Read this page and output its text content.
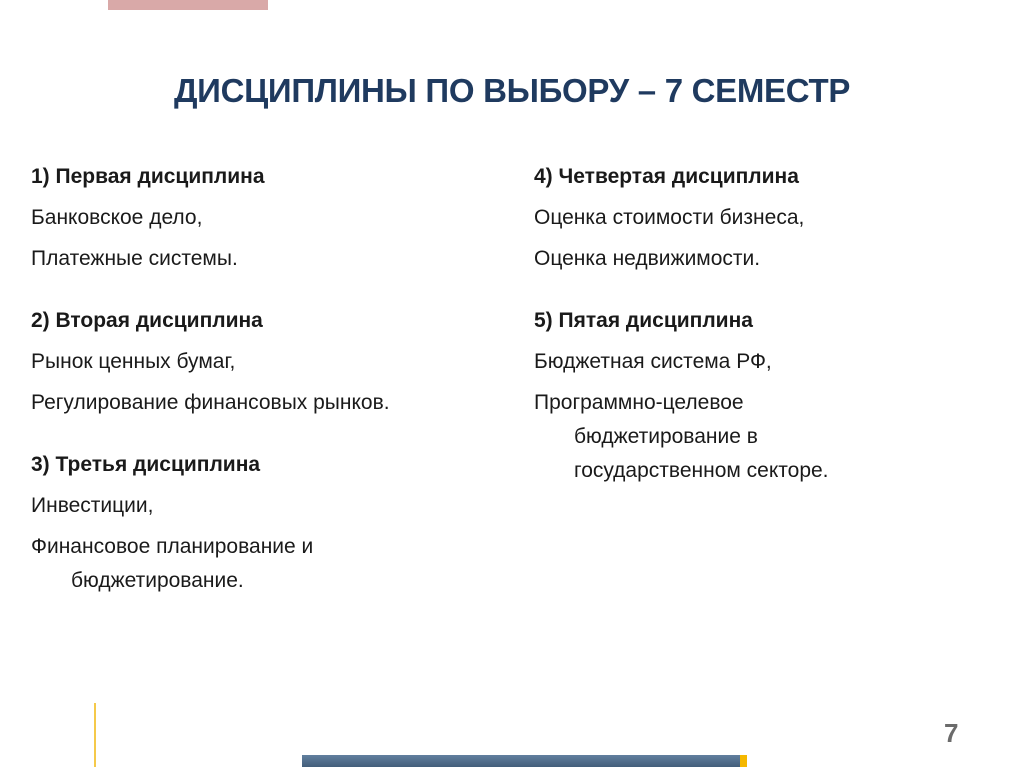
ДИСЦИПЛИНЫ ПО ВЫБОРУ – 7 СЕМЕСТР
1) Первая дисциплина
Банковское дело,
Платежные системы.
2) Вторая дисциплина
Рынок ценных бумаг,
Регулирование финансовых рынков.
3) Третья дисциплина
Инвестиции,
Финансовое планирование и
бюджетирование.
4) Четвертая дисциплина
Оценка стоимости бизнеса,
Оценка недвижимости.
5) Пятая дисциплина
Бюджетная система РФ,
Программно-целевое
бюджетирование в
государственном секторе.
7
